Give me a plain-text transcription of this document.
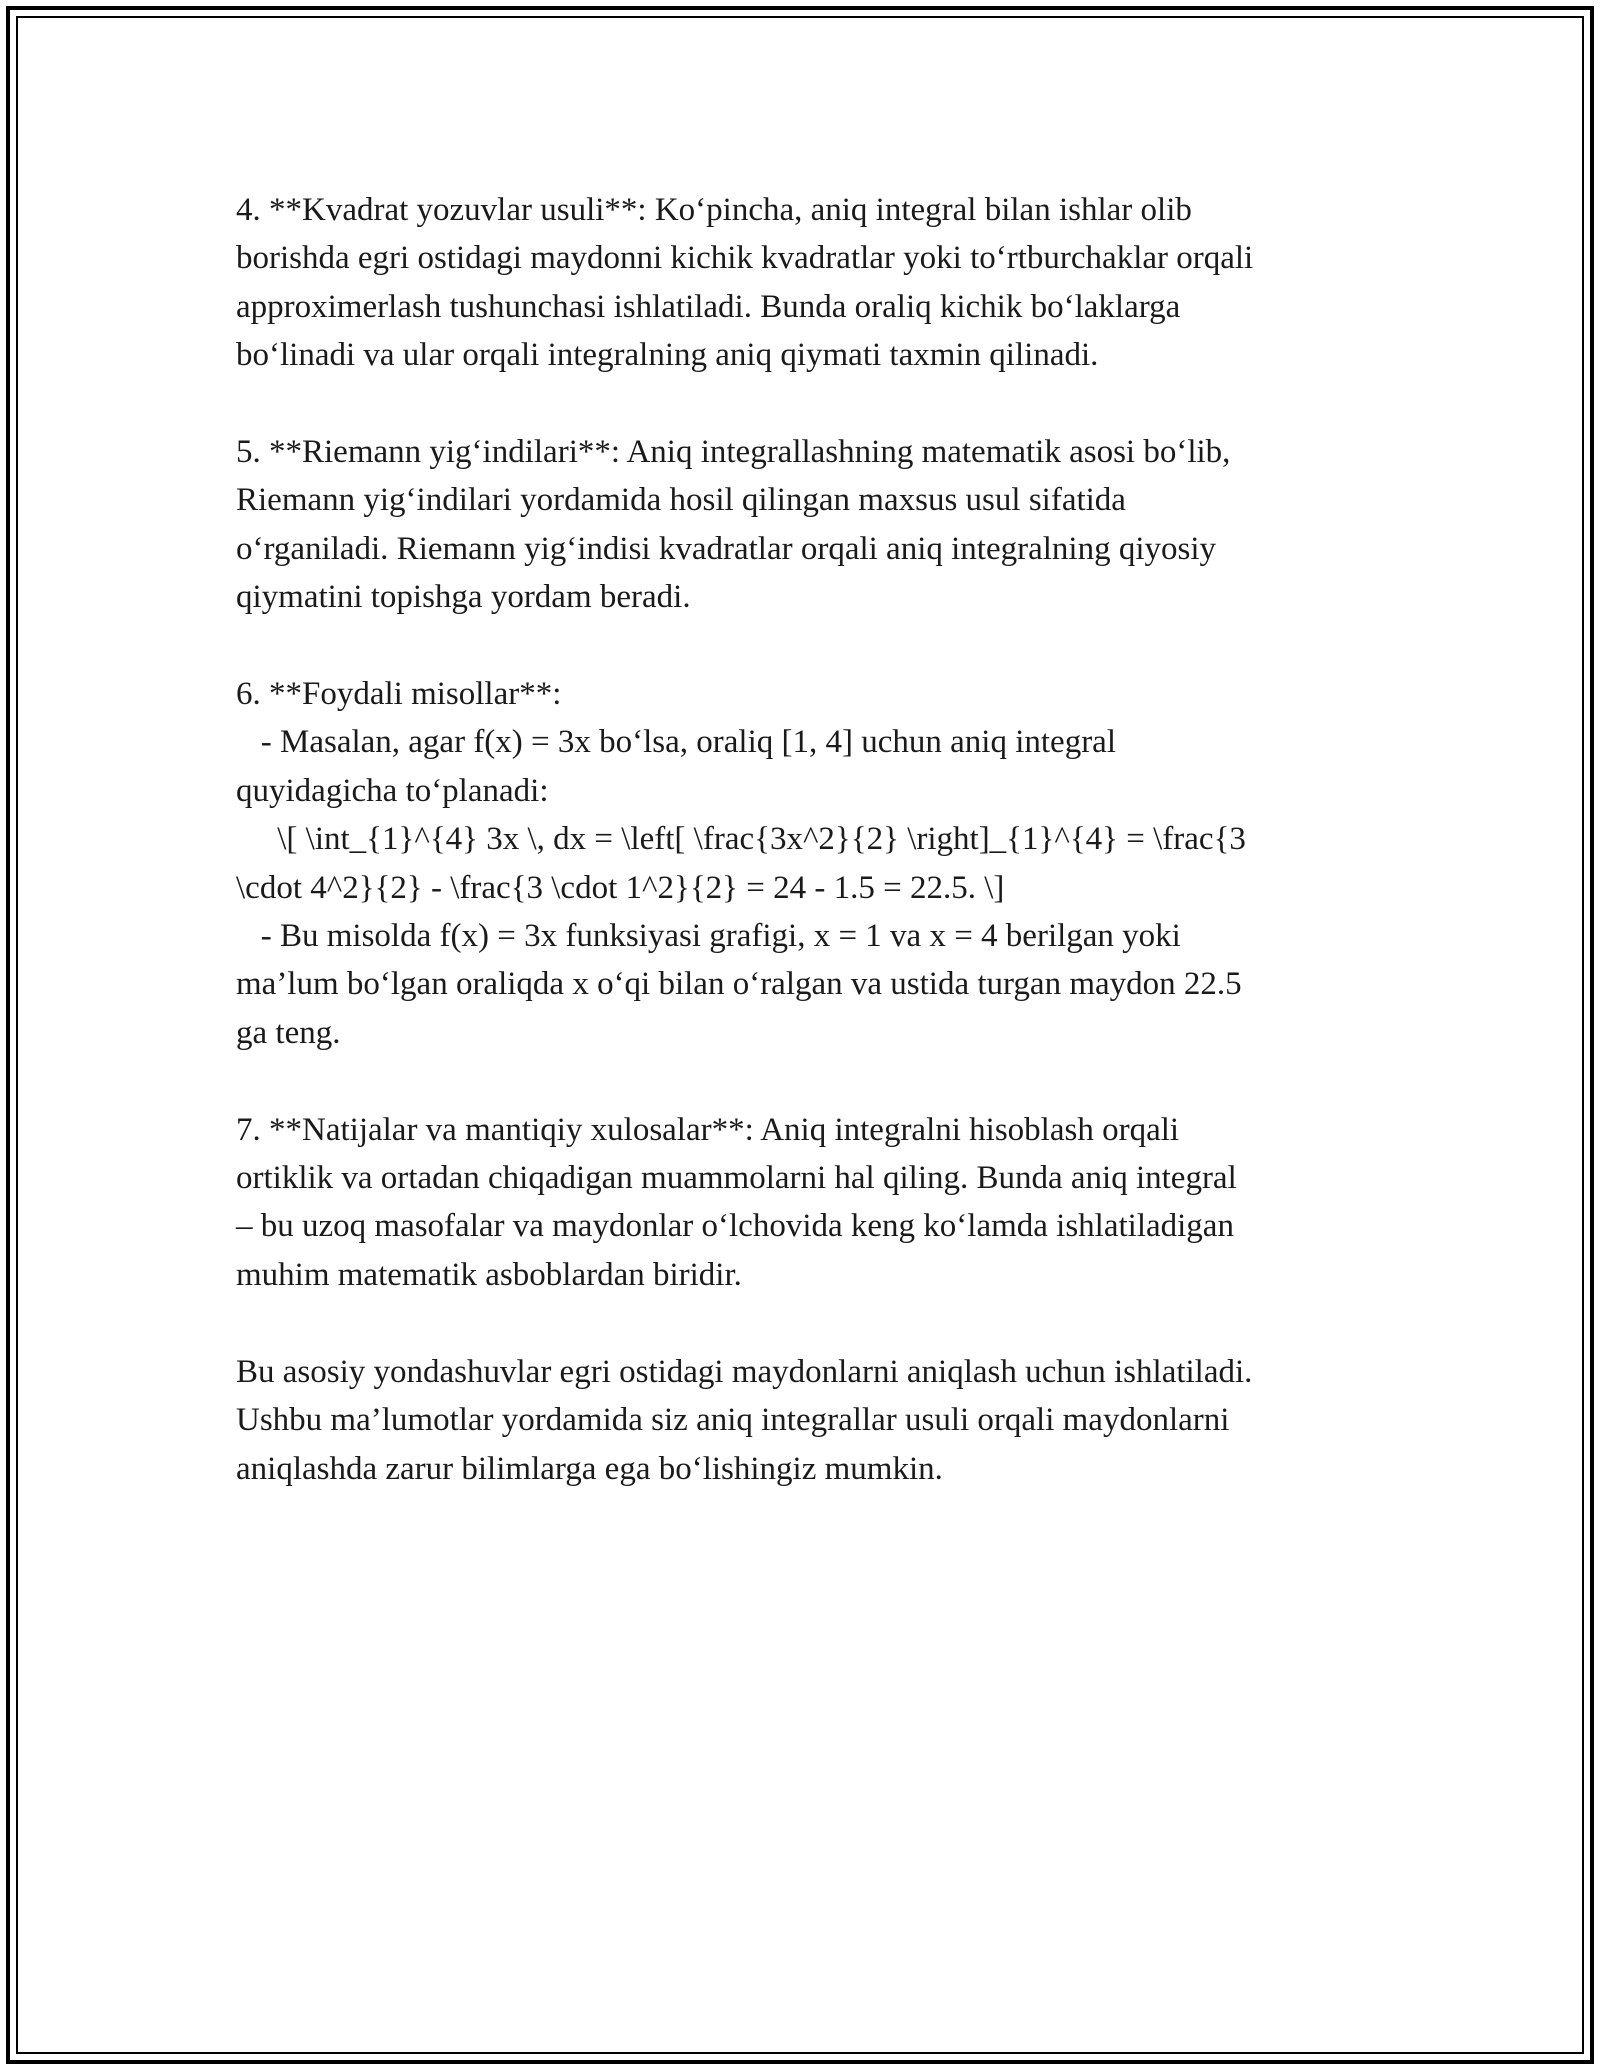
4. **Kvadrat yozuvlar usuli**: Ko‘pincha, aniq integral bilan ishlar olib
borishda egri ostidagi maydonni kichik kvadratlar yoki to‘rtburchaklar orqali
approximerlash tushunchasi ishlatiladi. Bunda oraliq kichik bo‘laklarga
bo‘linadi va ular orqali integralning aniq qiymati taxmin qilinadi.

5. **Riemann yig‘indilari**: Aniq integrallashning matematik asosi bo‘lib,
Riemann yig‘indilari yordamida hosil qilingan maxsus usul sifatida
o‘rganiladi. Riemann yig‘indisi kvadratlar orqali aniq integralning qiyosiy
qiymatini topishga yordam beradi.

6. **Foydali misollar**:
- Masalan, agar f(x) = 3x bo‘lsa, oraliq [1, 4] uchun aniq integral
quyidagicha to‘planadi:
\[ \int_{1}^{4} 3x \, dx = \left[ \frac{3x^2}{2} \right]_{1}^{4} = \frac{3
\cdot 4^2}{2} - \frac{3 \cdot 1^2}{2} = 24 - 1.5 = 22.5. \]
- Bu misolda f(x) = 3x funksiyasi grafigi, x = 1 va x = 4 berilgan yoki
ma’lum bo‘lgan oraliqda x o‘qi bilan o‘ralgan va ustida turgan maydon 22.5
ga teng.

7. **Natijalar va mantiqiy xulosalar**: Aniq integralni hisoblash orqali
ortiklik va ortadan chiqadigan muammolarni hal qiling. Bunda aniq integral
– bu uzoq masofalar va maydonlar o‘lchovida keng ko‘lamda ishlatiladigan
muhim matematik asboblardan biridir.

Bu asosiy yondashuvlar egri ostidagi maydonlarni aniqlash uchun ishlatiladi.
Ushbu ma’lumotlar yordamida siz aniq integrallar usuli orqali maydonlarni
aniqlashda zarur bilimlarga ega bo‘lishingiz mumkin.
